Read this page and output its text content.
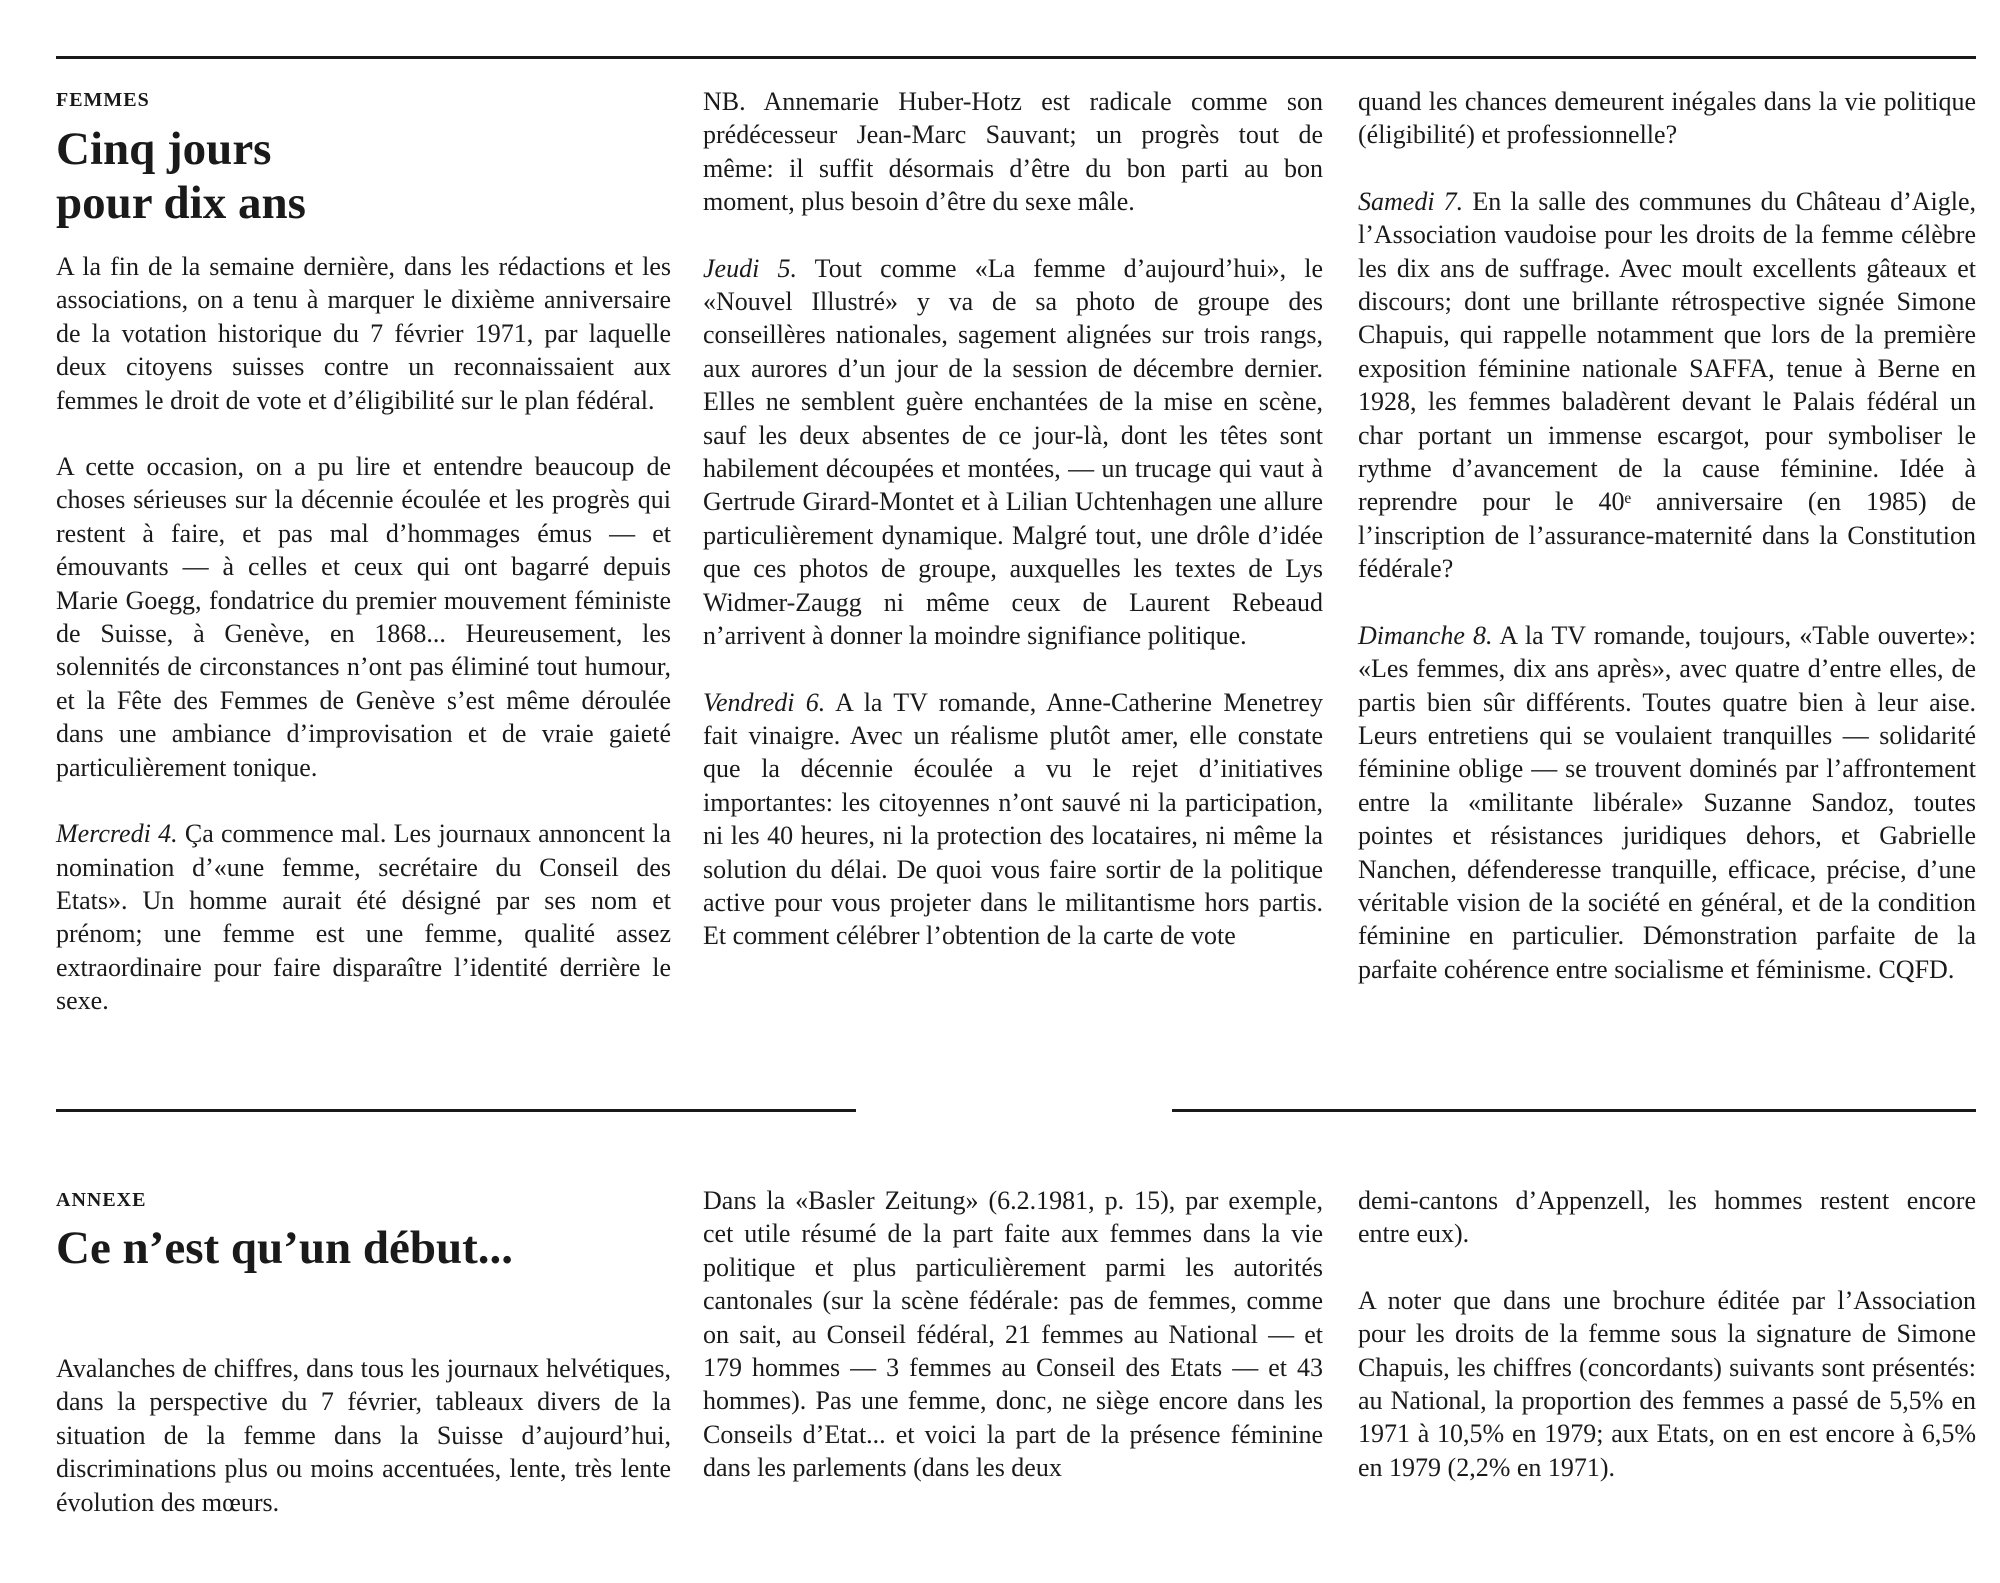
FEMMES
Cinq jours
pour dix ans

A la fin de la semaine dernière, dans les rédactions et les associations, on a tenu à marquer le dixième anniversaire de la votation historique du 7 février 1971, par laquelle deux citoyens suisses contre un reconnaissaient aux femmes le droit de vote et d’éligibilité sur le plan fédéral.

A cette occasion, on a pu lire et entendre beaucoup de choses sérieuses sur la décennie écoulée et les progrès qui restent à faire, et pas mal d’hommages émus — et émouvants — à celles et ceux qui ont bagarré depuis Marie Goegg, fondatrice du premier mouvement féministe de Suisse, à Genève, en 1868... Heureusement, les solennités de circonstances n’ont pas éliminé tout humour, et la Fête des Femmes de Genève s’est même déroulée dans une ambiance d’improvisation et de vraie gaieté particulièrement tonique.

Mercredi 4. Ça commence mal. Les journaux annoncent la nomination d’«une femme, secrétaire du Conseil des Etats». Un homme aurait été désigné par ses nom et prénom; une femme est une femme, qualité assez extraordinaire pour faire disparaître l’identité derrière le sexe.

NB. Annemarie Huber-Hotz est radicale comme son prédécesseur Jean-Marc Sauvant; un progrès tout de même: il suffit désormais d’être du bon parti au bon moment, plus besoin d’être du sexe mâle.

Jeudi 5. Tout comme «La femme d’aujourd’hui», le «Nouvel Illustré» y va de sa photo de groupe des conseillères nationales, sagement alignées sur trois rangs, aux aurores d’un jour de la session de décembre dernier. Elles ne semblent guère enchantées de la mise en scène, sauf les deux absentes de ce jour-là, dont les têtes sont habilement découpées et montées, — un trucage qui vaut à Gertrude Girard-Montet et à Lilian Uchtenhagen une allure particulièrement dynamique. Malgré tout, une drôle d’idée que ces photos de groupe, auxquelles les textes de Lys Widmer-Zaugg ni même ceux de Laurent Rebeaud n’arrivent à donner la moindre signifiance politique.

Vendredi 6. A la TV romande, Anne-Catherine Menetrey fait vinaigre. Avec un réalisme plutôt amer, elle constate que la décennie écoulée a vu le rejet d’initiatives importantes: les citoyennes n’ont sauvé ni la participation, ni les 40 heures, ni la protection des locataires, ni même la solution du délai. De quoi vous faire sortir de la politique active pour vous projeter dans le militantisme hors partis. Et comment célébrer l’obtention de la carte de vote

quand les chances demeurent inégales dans la vie politique (éligibilité) et professionnelle?

Samedi 7. En la salle des communes du Château d’Aigle, l’Association vaudoise pour les droits de la femme célèbre les dix ans de suffrage. Avec moult excellents gâteaux et discours; dont une brillante rétrospective signée Simone Chapuis, qui rappelle notamment que lors de la première exposition féminine nationale SAFFA, tenue à Berne en 1928, les femmes baladèrent devant le Palais fédéral un char portant un immense escargot, pour symboliser le rythme d’avancement de la cause féminine. Idée à reprendre pour le 40ᵉ anniversaire (en 1985) de l’inscription de l’assurance-maternité dans la Constitution fédérale?

Dimanche 8. A la TV romande, toujours, «Table ouverte»: «Les femmes, dix ans après», avec quatre d’entre elles, de partis bien sûr différents. Toutes quatre bien à leur aise. Leurs entretiens qui se voulaient tranquilles — solidarité féminine oblige — se trouvent dominés par l’affrontement entre la «militante libérale» Suzanne Sandoz, toutes pointes et résistances juridiques dehors, et Gabrielle Nanchen, défenderesse tranquille, efficace, précise, d’une véritable vision de la société en général, et de la condition féminine en particulier. Démonstration parfaite de la parfaite cohérence entre socialisme et féminisme. CQFD.

ANNEXE
Ce n’est qu’un début...

Avalanches de chiffres, dans tous les journaux helvétiques, dans la perspective du 7 février, tableaux divers de la situation de la femme dans la Suisse d’aujourd’hui, discriminations plus ou moins accentuées, lente, très lente évolution des mœurs.

Dans la «Basler Zeitung» (6.2.1981, p. 15), par exemple, cet utile résumé de la part faite aux femmes dans la vie politique et plus particulièrement parmi les autorités cantonales (sur la scène fédérale: pas de femmes, comme on sait, au Conseil fédéral, 21 femmes au National — et 179 hommes — 3 femmes au Conseil des Etats — et 43 hommes). Pas une femme, donc, ne siège encore dans les Conseils d’Etat... et voici la part de la présence féminine dans les parlements (dans les deux

demi-cantons d’Appenzell, les hommes restent encore entre eux).

A noter que dans une brochure éditée par l’Association pour les droits de la femme sous la signature de Simone Chapuis, les chiffres (concordants) suivants sont présentés: au National, la proportion des femmes a passé de 5,5% en 1971 à 10,5% en 1979; aux Etats, on en est encore à 6,5% en 1979 (2,2% en 1971).
